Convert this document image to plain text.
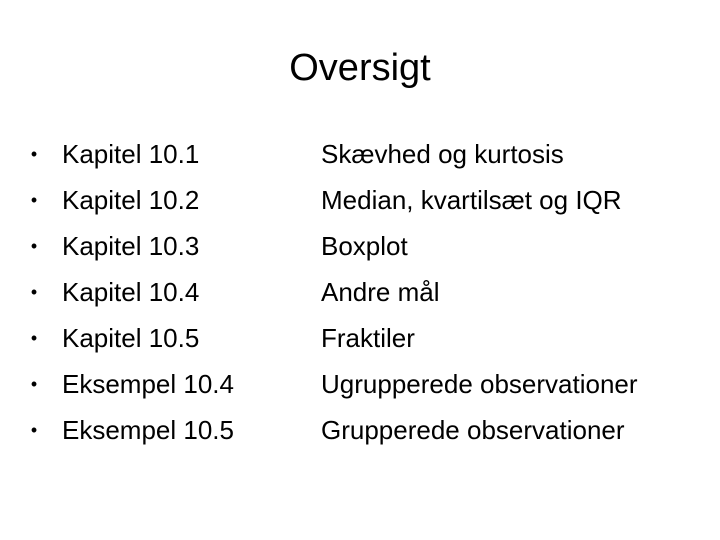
Oversigt
• Kapitel 10.1
• Kapitel 10.2
• Kapitel 10.3
• Kapitel 10.4
• Kapitel 10.5
• Eksempel 10.4
• Eksempel 10.5
Skævhed og kurtosis
Median, kvartilsæt og IQR
Boxplot
Andre mål
Fraktiler
Ugrupperede observationer
Grupperede observationer
